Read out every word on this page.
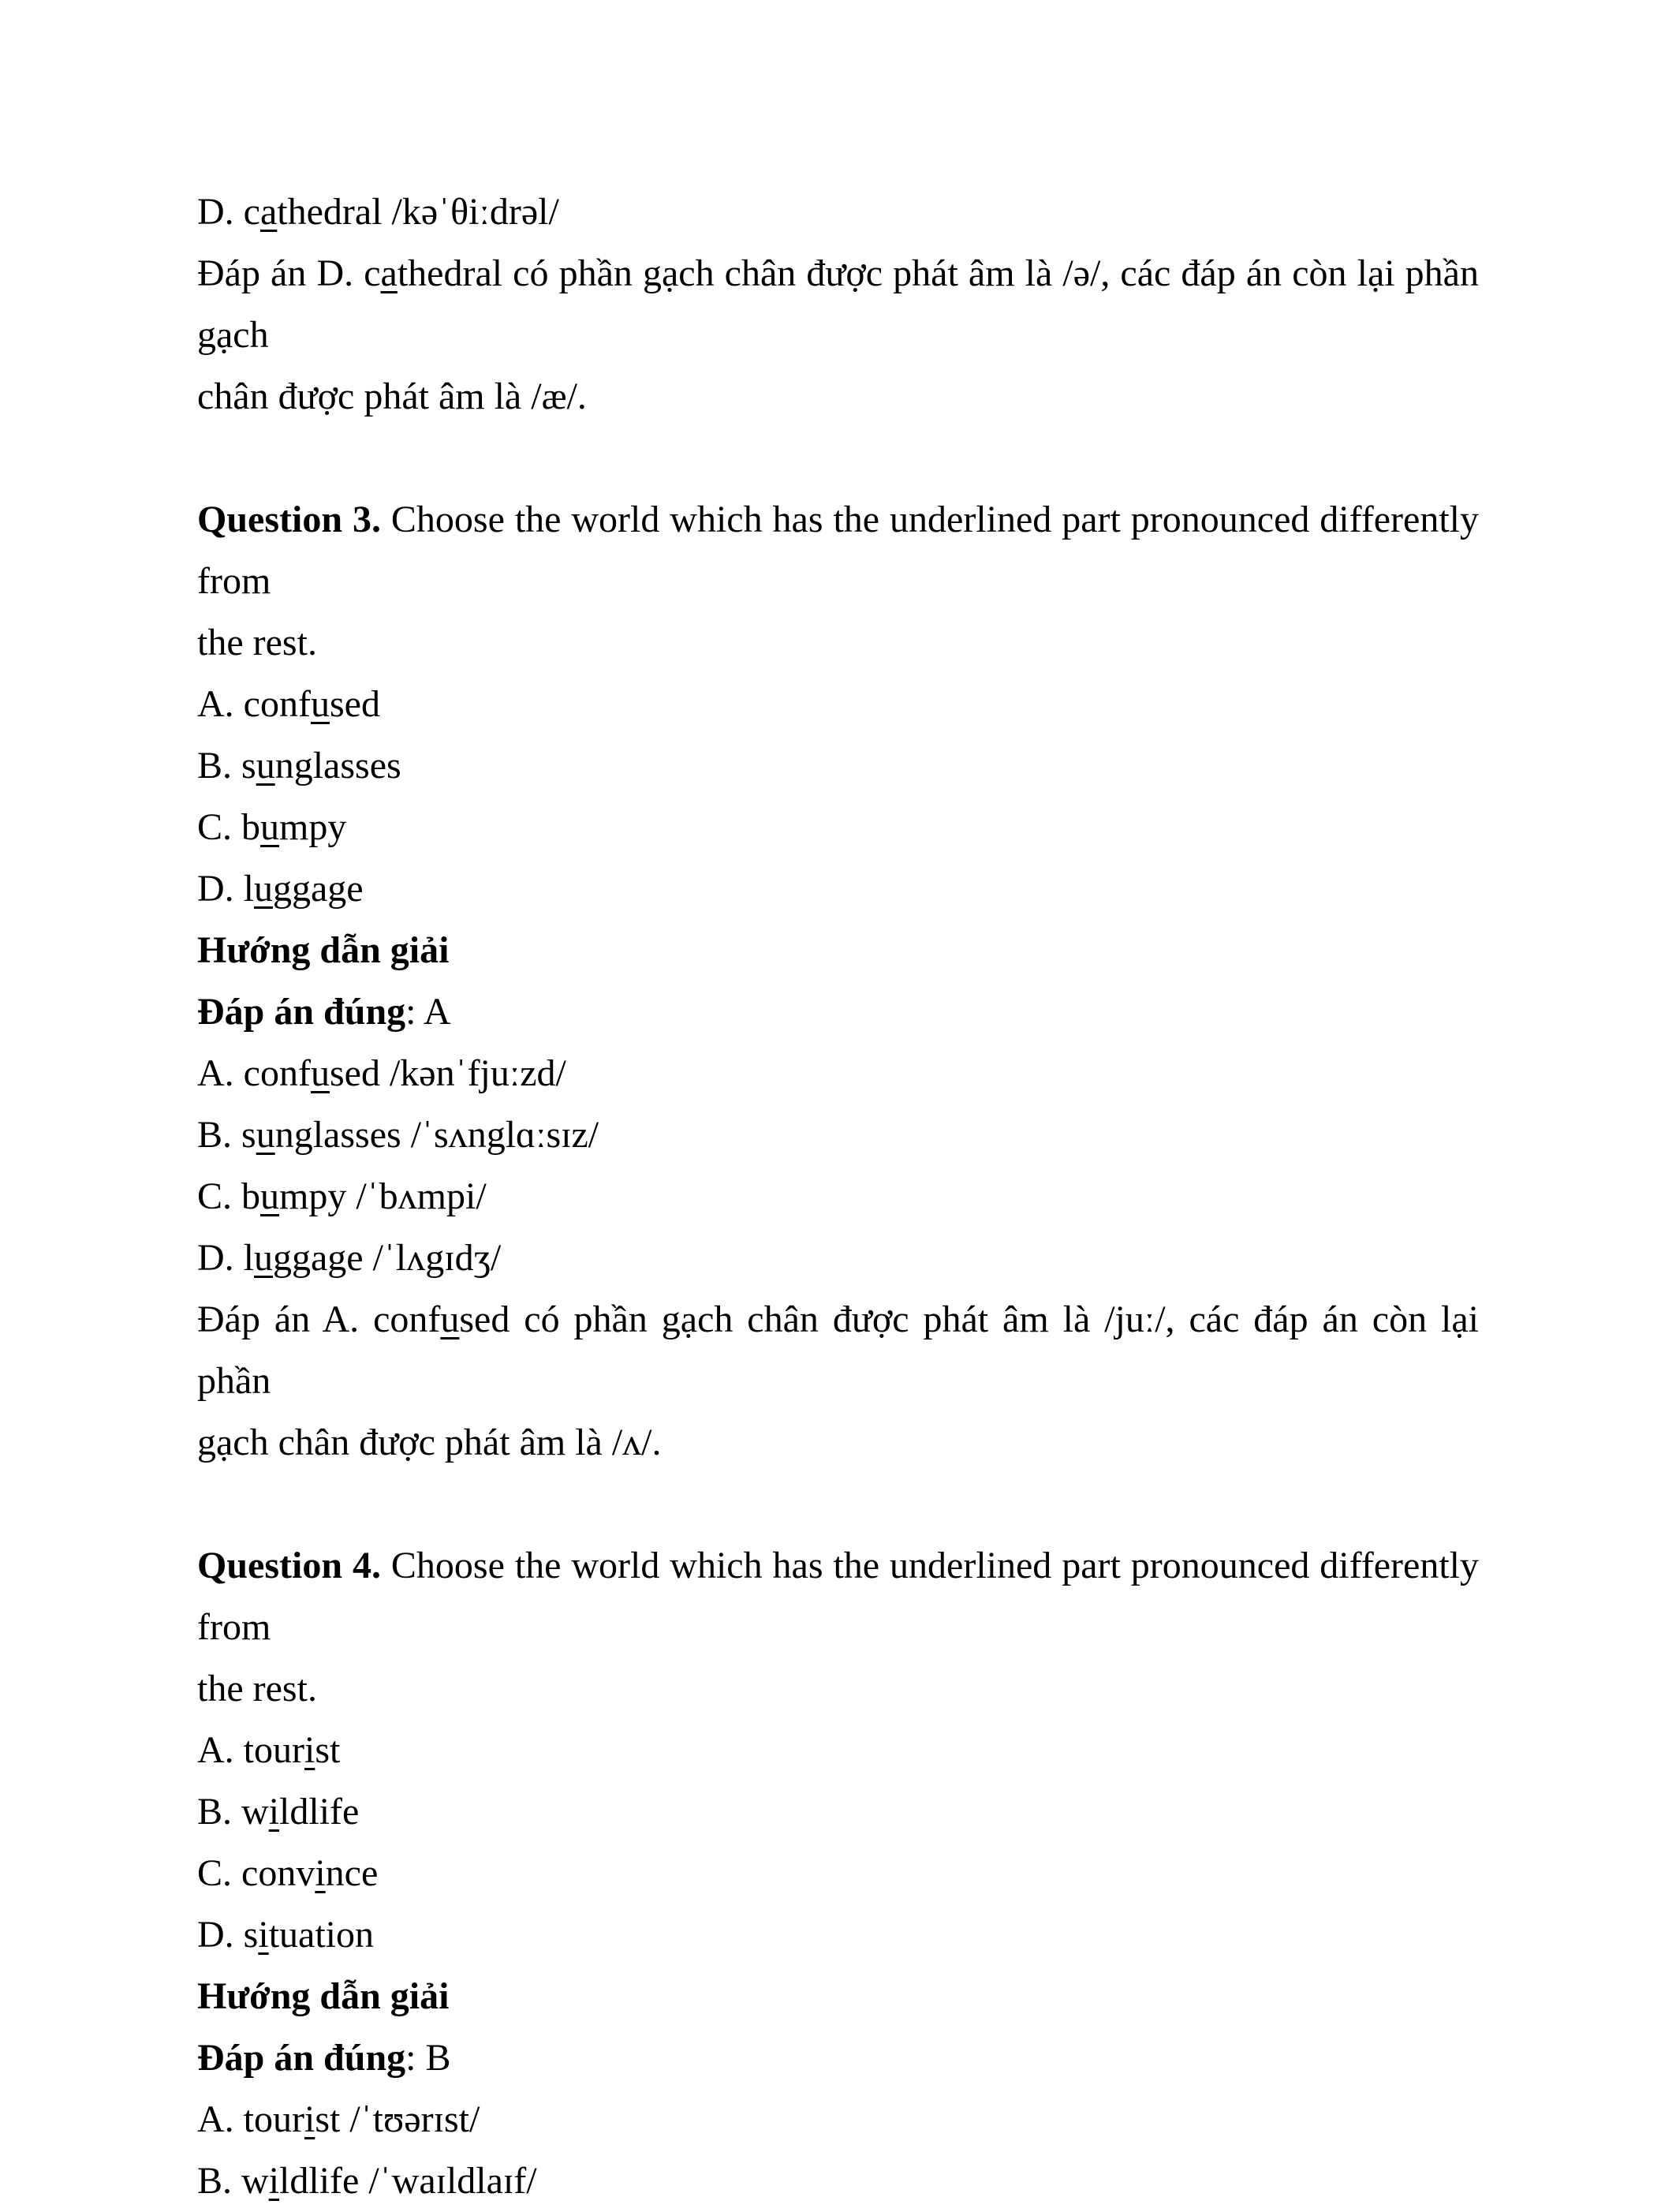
D. cathedral /kəˈθiːdrəl/
Đáp án D. cathedral có phần gạch chân được phát âm là /ə/, các đáp án còn lại phần gạch
chân được phát âm là /æ/.
Question 3. Choose the world which has the underlined part pronounced differently from
the rest.
A. confused
B. sunglasses
C. bumpy
D. luggage
Hướng dẫn giải
Đáp án đúng: A
A. confused /kənˈfjuːzd/
B. sunglasses /ˈsʌnglɑːsɪz/
C. bumpy /ˈbʌmpi/
D. luggage /ˈlʌgɪdʒ/
Đáp án A. confused có phần gạch chân được phát âm là /juː/, các đáp án còn lại phần
gạch chân được phát âm là /ʌ/.
Question 4. Choose the world which has the underlined part pronounced differently from
the rest.
A. tourist
B. wildlife
C. convince
D. situation
Hướng dẫn giải
Đáp án đúng: B
A. tourist /ˈtʊərɪst/
B. wildlife /ˈwaɪldlaɪf/
